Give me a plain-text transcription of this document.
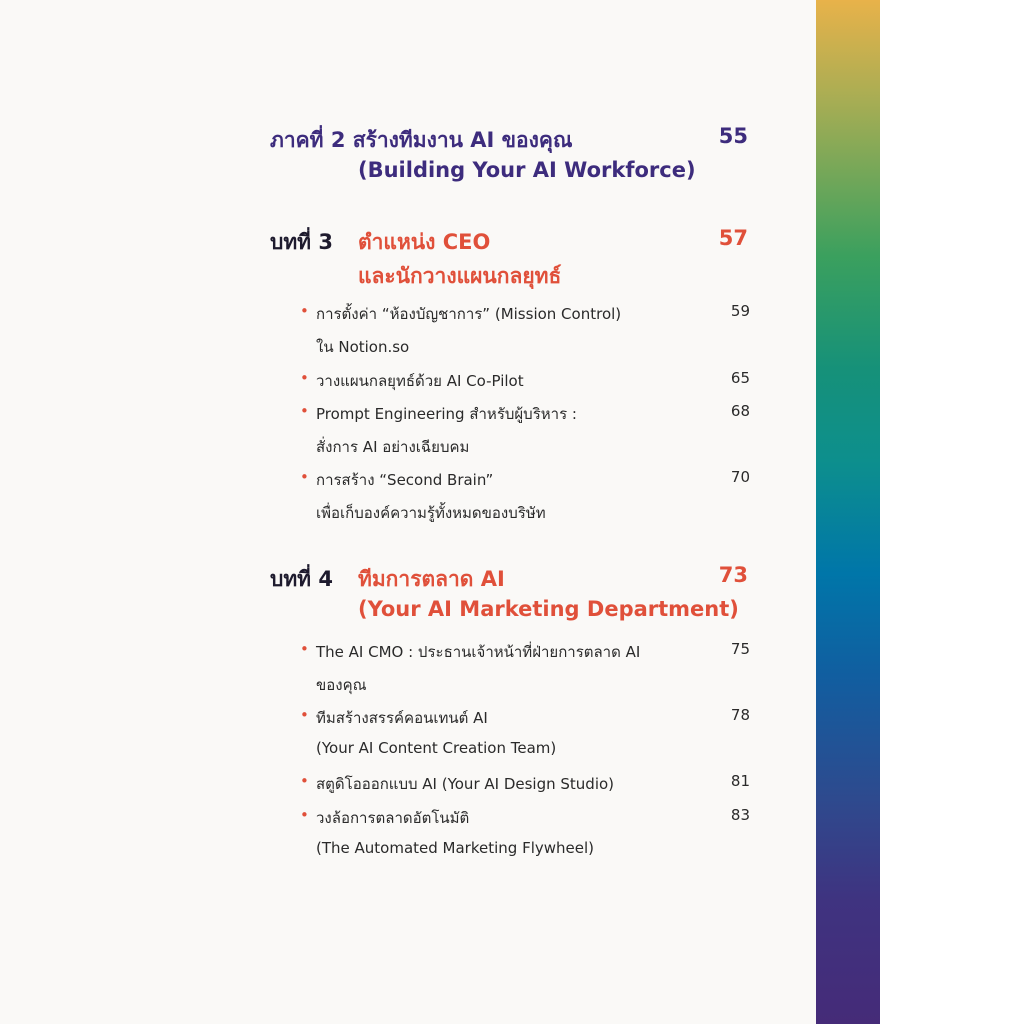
ภาคที่ 2 สร้างทีมงาน AI ของคุณ
(Building Your AI Workforce)
55
บทที่ 3 ตำแหน่ง CEO
และนักวางแผนกลยุทธ์
57
• การตั้งค่า “ห้องบัญชาการ” (Mission Control)
ใน Notion.so
59
• วางแผนกลยุทธ์ด้วย AI Co-Pilot	65
• Prompt Engineering สำหรับผู้บริหาร :
สั่งการ AI อย่างเฉียบคม
68
• การสร้าง “Second Brain”
เพื่อเก็บองค์ความรู้ทั้งหมดของบริษัท
70
บทที่ 4 ทีมการตลาด AI
(Your AI Marketing Department)
73
• The AI CMO : ประธานเจ้าหน้าที่ฝ่ายการตลาด AI
ของคุณ
75
• ทีมสร้างสรรค์คอนเทนต์ AI
(Your AI Content Creation Team)
78
• สตูดิโอออกแบบ AI (Your AI Design Studio)	81
• วงล้อการตลาดอัตโนมัติ
(The Automated Marketing Flywheel)
83
